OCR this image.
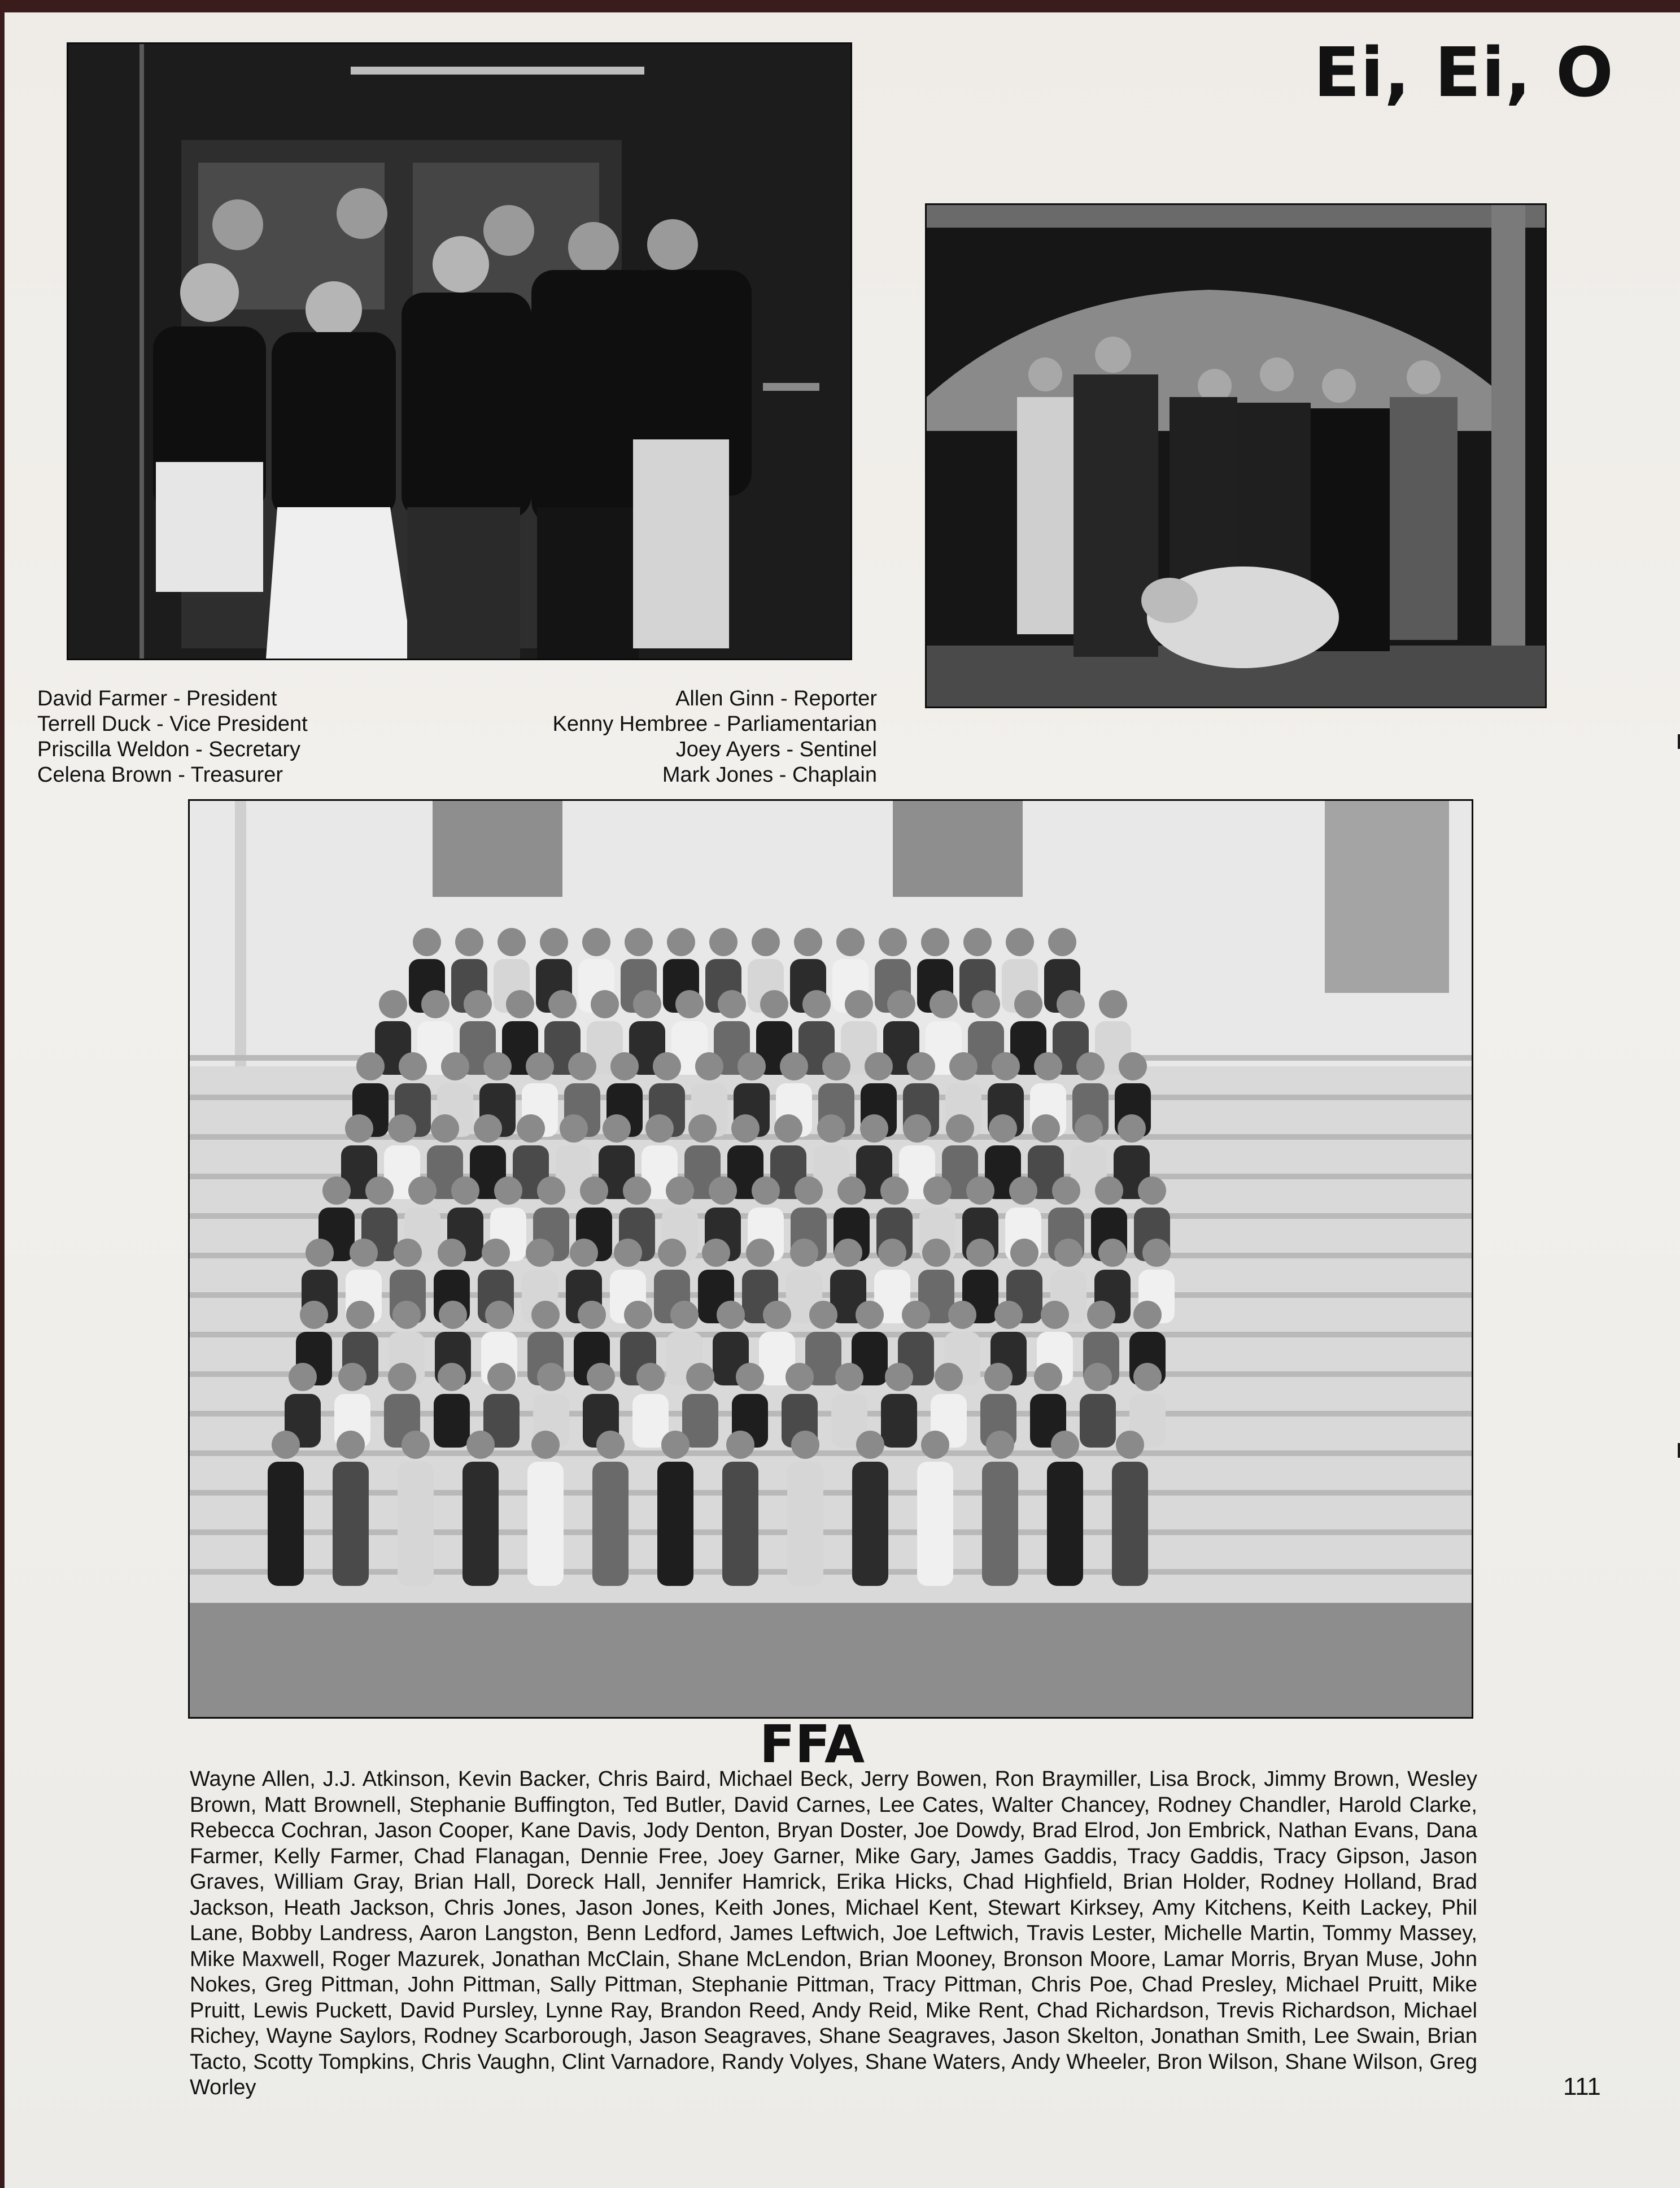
Ei, Ei, O
David Farmer - President
Terrell Duck - Vice President
Priscilla Weldon - Secretary
Celena Brown - Treasurer
Allen Ginn - Reporter
Kenny Hembree - Parliamentarian
Joey Ayers - Sentinel
Mark Jones - Chaplain
FFA
Wayne Allen, J.J. Atkinson, Kevin Backer, Chris Baird, Michael Beck, Jerry Bowen, Ron Braymiller, Lisa Brock, Jimmy Brown, Wesley Brown, Matt Brownell, Stephanie Buffington, Ted Butler, David Carnes, Lee Cates, Walter Chancey, Rodney Chandler, Harold Clarke, Rebecca Cochran, Jason Cooper, Kane Davis, Jody Denton, Bryan Doster, Joe Dowdy, Brad Elrod, Jon Embrick, Nathan Evans, Dana Farmer, Kelly Farmer, Chad Flanagan, Dennie Free, Joey Garner, Mike Gary, James Gaddis, Tracy Gaddis, Tracy Gipson, Jason Graves, William Gray, Brian Hall, Doreck Hall, Jennifer Hamrick, Erika Hicks, Chad Highfield, Brian Holder, Rodney Holland, Brad Jackson, Heath Jackson, Chris Jones, Jason Jones, Keith Jones, Michael Kent, Stewart Kirksey, Amy Kitchens, Keith Lackey, Phil Lane, Bobby Landress, Aaron Langston, Benn Ledford, James Leftwich, Joe Leftwich, Travis Lester, Michelle Martin, Tommy Massey, Mike Maxwell, Roger Mazurek, Jonathan McClain, Shane McLendon, Brian Mooney, Bronson Moore, Lamar Morris, Bryan Muse, John Nokes, Greg Pittman, John Pittman, Sally Pittman, Stephanie Pittman, Tracy Pittman, Chris Poe, Chad Presley, Michael Pruitt, Mike Pruitt, Lewis Puckett, David Pursley, Lynne Ray, Brandon Reed, Andy Reid, Mike Rent, Chad Richardson, Trevis Richardson, Michael Richey, Wayne Saylors, Rodney Scarborough, Jason Seagraves, Shane Seagraves, Jason Skelton, Jonathan Smith, Lee Swain, Brian Tacto, Scotty Tompkins, Chris Vaughn, Clint Varnadore, Randy Volyes, Shane Waters, Andy Wheeler, Bron Wilson, Shane Wilson, Greg Worley	111
